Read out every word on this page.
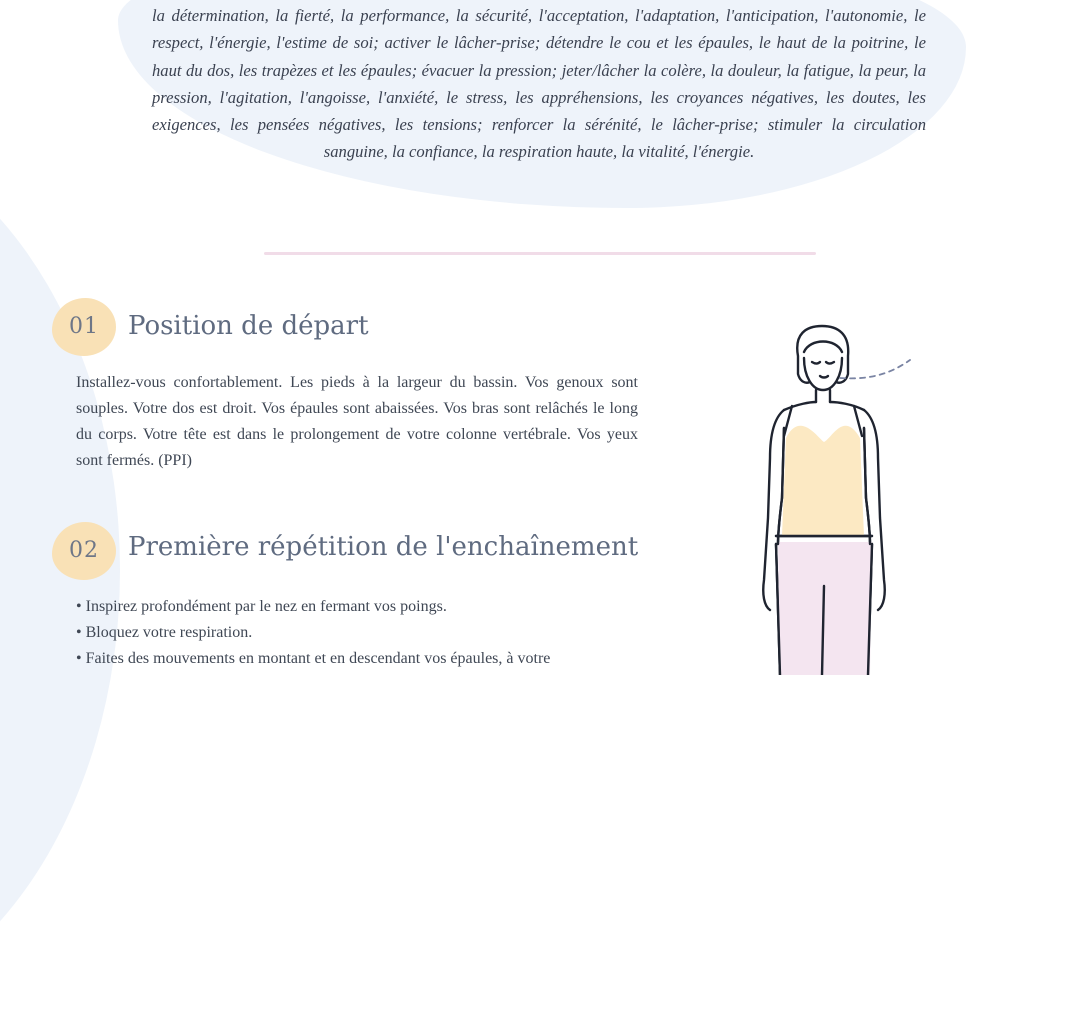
la détermination, la fierté, la performance, la sécurité, l'acceptation, l'adaptation, l'anticipation, l'autonomie, le respect, l'énergie, l'estime de soi; activer le lâcher-prise; détendre le cou et les épaules, le haut de la poitrine, le haut du dos, les trapèzes et les épaules; évacuer la pression; jeter/lâcher la colère, la douleur, la fatigue, la peur, la pression, l'agitation, l'angoisse, l'anxiété, le stress, les appréhensions, les croyances négatives, les doutes, les exigences, les pensées négatives, les tensions; renforcer la sérénité, le lâcher-prise; stimuler la circulation sanguine, la confiance, la respiration haute, la vitalité, l'énergie.

01 Position de départ

Installez-vous confortablement. Les pieds à la largeur du bassin. Vos genoux sont souples. Votre dos est droit. Vos épaules sont abaissées. Vos bras sont relâchés le long du corps. Votre tête est dans le prolongement de votre colonne vertébrale. Vos yeux sont fermés. (PPI)

02 Première répétition de l'enchaînement
• Inspirez profondément par le nez en fermant vos poings.
• Bloquez votre respiration.
• Faites des mouvements en montant et en descendant vos épaules, à votre
